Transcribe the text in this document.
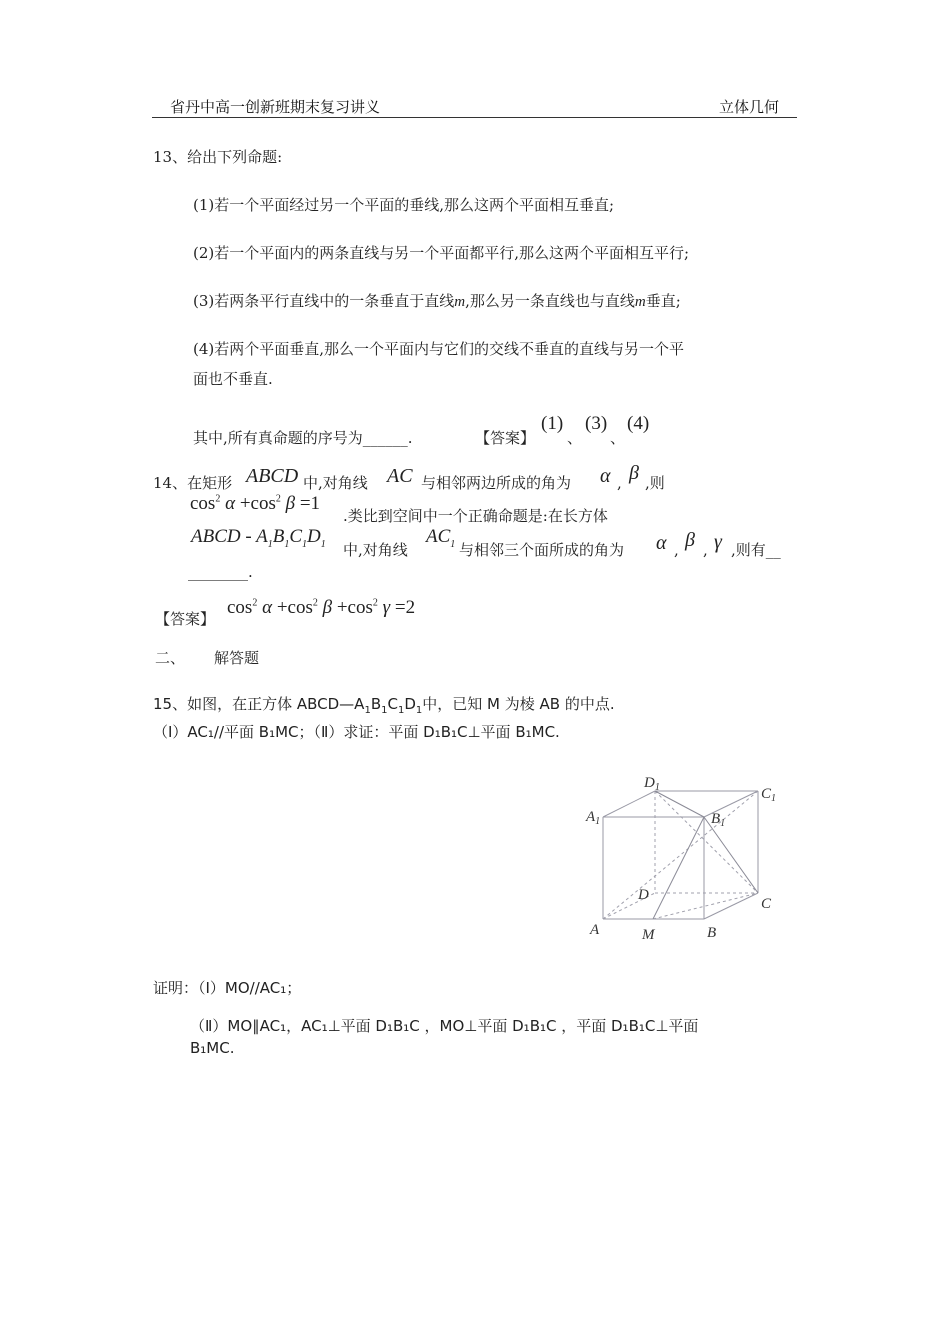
省丹中高一创新班期末复习讲义	立体几何
13、给出下列命题:
(1)若一个平面经过另一个平面的垂线,那么这两个平面相互垂直;
(2)若一个平面内的两条直线与另一个平面都平行,那么这两个平面相互平行;
(3)若两条平行直线中的一条垂直于直线m,那么另一条直线也与直线m垂直;
(4)若两个平面垂直,那么一个平面内与它们的交线不垂直的直线与另一个平
面也不垂直.
其中,所有真命题的序号为______.	【答案】
(1)
、
(3)
、
(4)
14、在矩形 ABCD 中,对角线 AC 与相邻两边所成的角为 α , β ,则
$\cos^2 \alpha +\cos^2$ β =1
.类比到空间中一个正确命题是:在长方体
ABCD - $A_1B_1C_1D_1$ 中,对角线
$AC_1$ 与相邻三个面所成的角为 α , β , γ ,则有__
________.
【答案】
$\cos^2 \alpha +\cos^2$ $\beta +\cos^2$ γ =2
二、 解答题
15、如图，在正方体 $ABCD—A_1B_1C_1D_1$中，已知 M 为棱 AB 的中点.
（Ⅰ）AC₁//平面 B₁MC；（Ⅱ）求证：平面 D₁B₁C⊥平面 B₁MC.
$D_1$	$C_1$
$A_1$	$B_1$
D
C
A	M	B
证明：（Ⅰ）MO//AC₁；
（Ⅱ）MO∥AC₁，AC₁⊥平面 D₁B₁C ，MO⊥平面 D₁B₁C ，平面 D₁B₁C⊥平面
B₁MC.
